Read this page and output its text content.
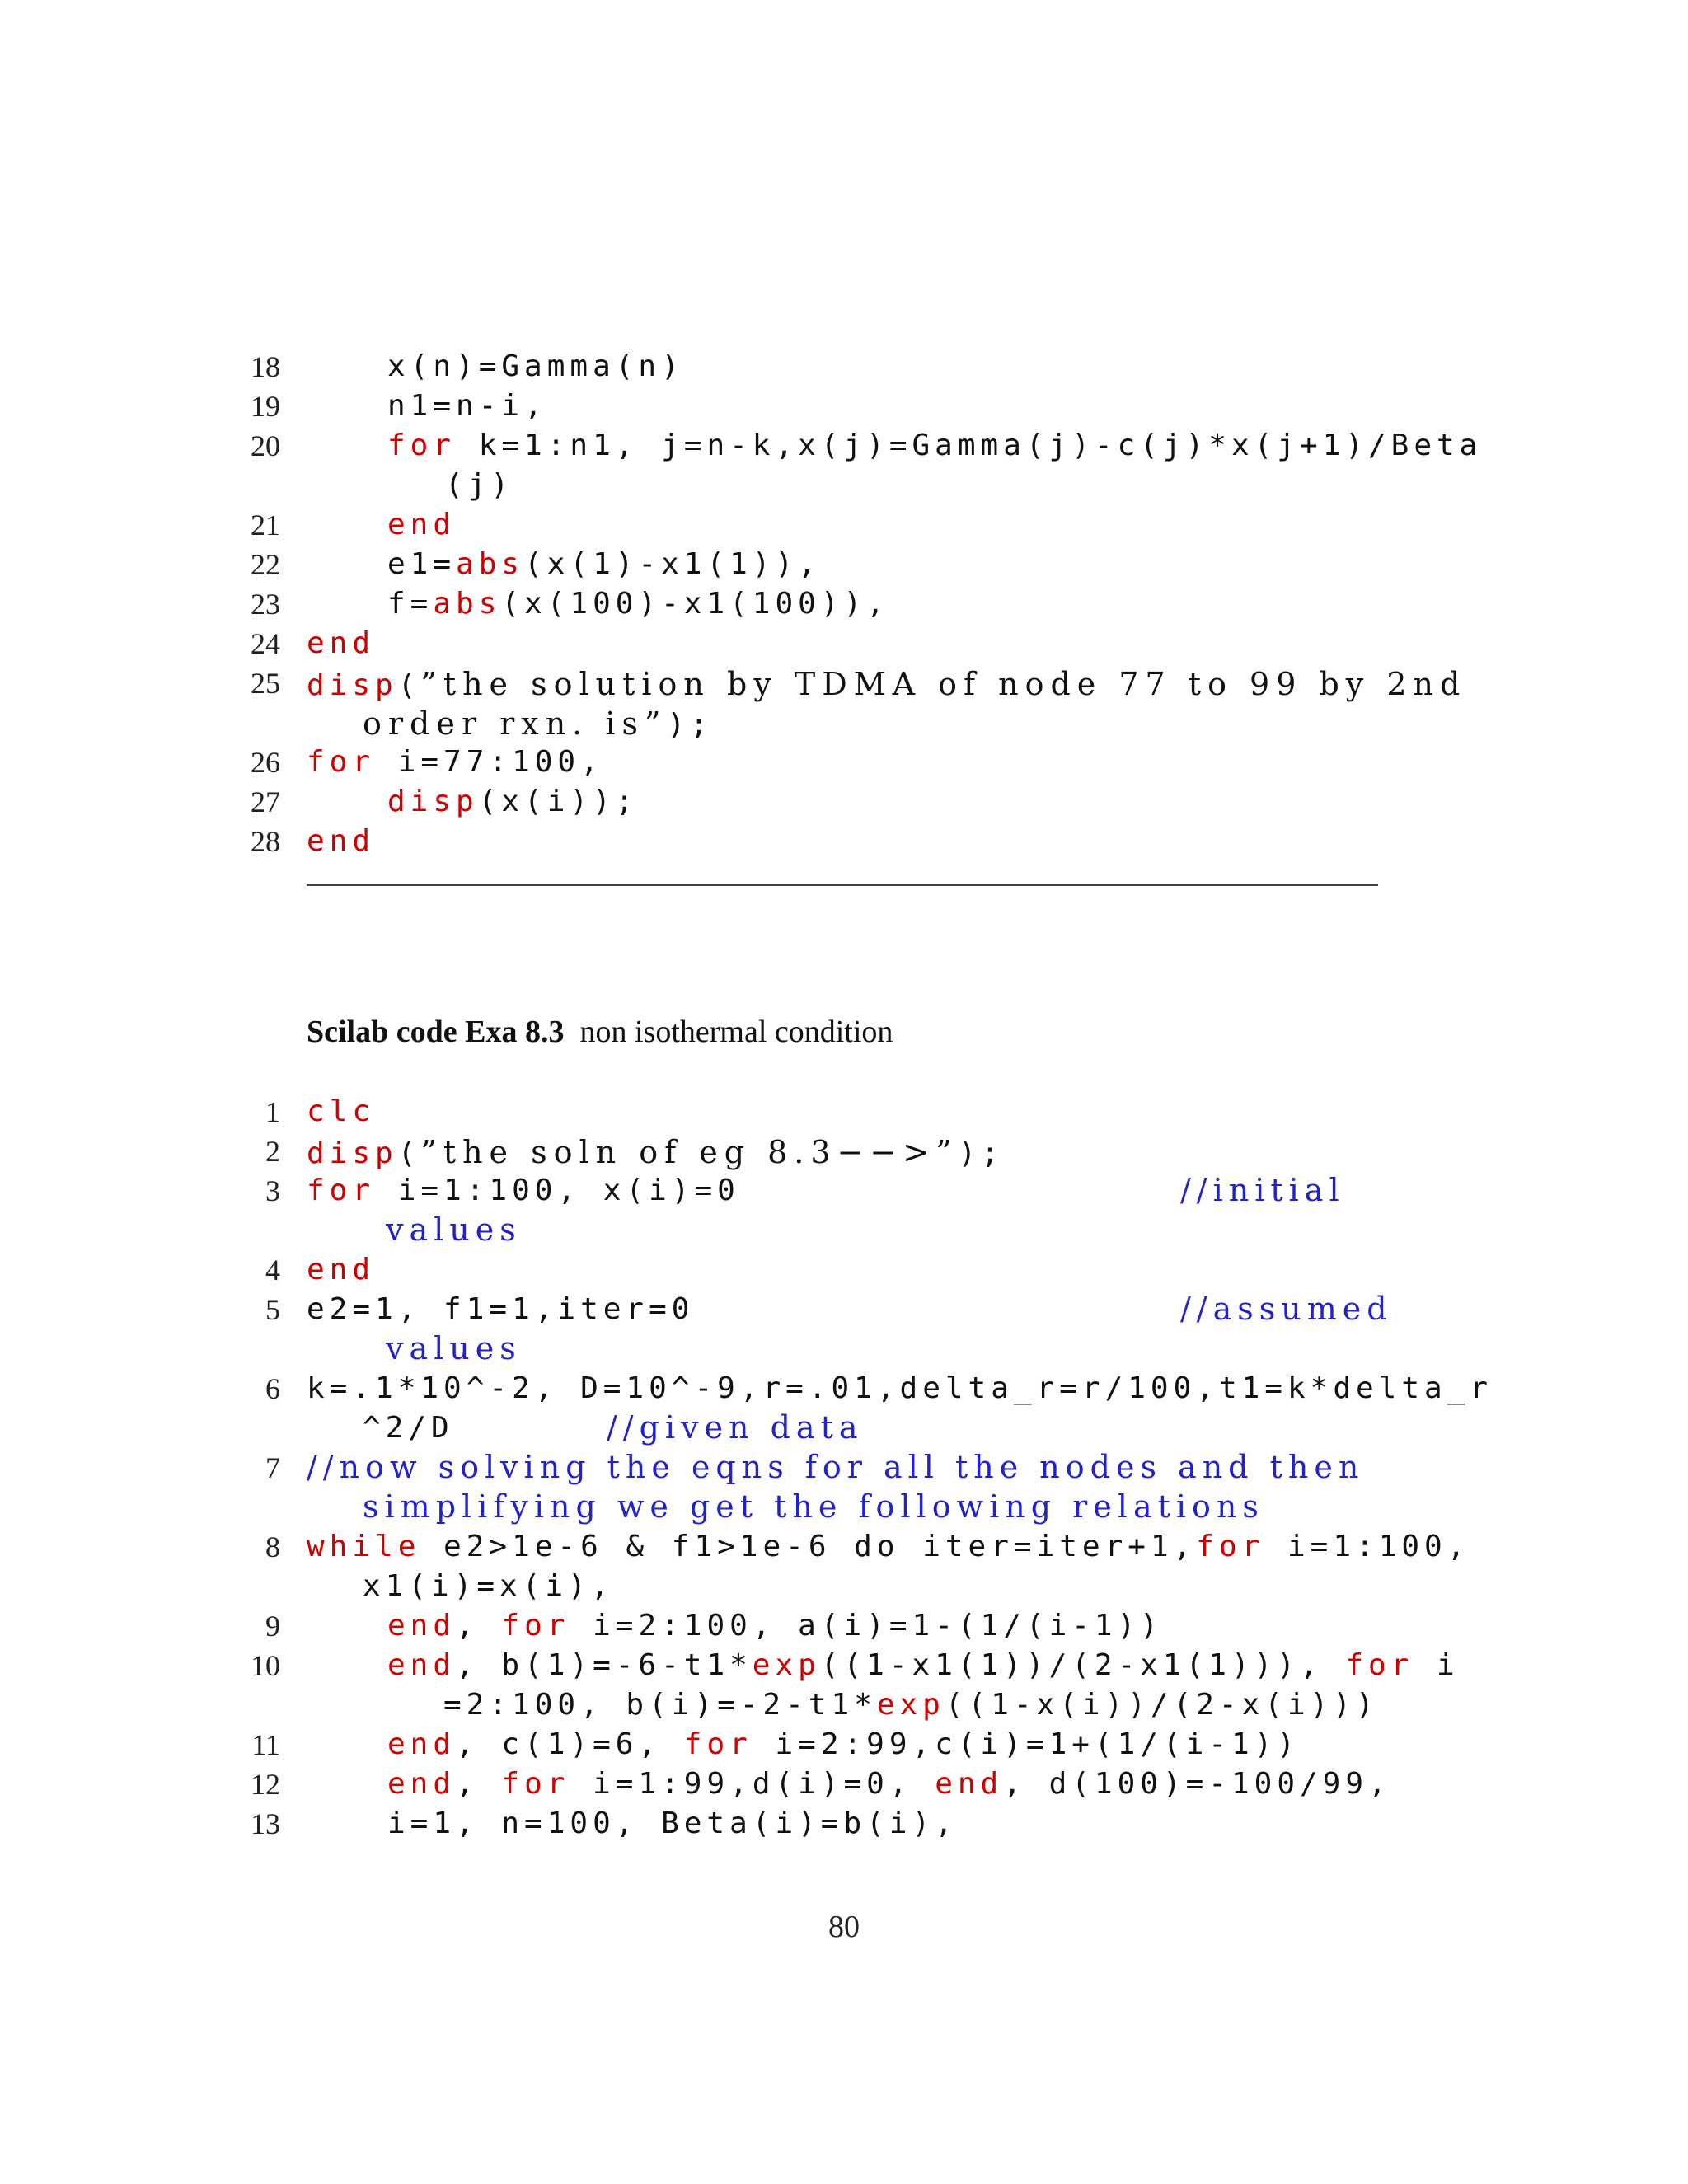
18	x(n)=Gamma(n)
19	n1=n-i,
20	for k=1:n1, j=n-k,x(j)=Gamma(j)-c(j)*x(j+1)/Beta
(j)
21	end
22	e1=abs(x(1)-x1(1)),
23	f=abs(x(100)-x1(100)),
24 end
25 disp(”the solution by TDMA of node 77 to 99 by 2nd
order rxn. is”);
26 for i=77:100,
27	disp(x(i));
28 end
Scilab code Exa 8.3 non isothermal condition
1 clc
2 disp(”the soln of eg 8.3−−>”);
3 for i=1:100, x(i)=0	//initial
values
4 end
5 e2=1, f1=1,iter=0	//assumed
values
6 k=.1*10^-2, D=10^-9,r=.01,delta_r=r/100,t1=k*delta_r
^2/D	//given data
7 //now solving the eqns for all the nodes and then
simplifying we get the following relations
8 while e2>1e-6 & f1>1e-6 do iter=iter+1,for i=1:100,
x1(i)=x(i),
9	end, for i=2:100, a(i)=1-(1/(i-1))
10	end, b(1)=-6-t1*exp((1-x1(1))/(2-x1(1))), for i
=2:100, b(i)=-2-t1*exp((1-x(i))/(2-x(i)))
11	end, c(1)=6, for i=2:99,c(i)=1+(1/(i-1))
12	end, for i=1:99,d(i)=0, end, d(100)=-100/99,
13	i=1, n=100, Beta(i)=b(i),
80
